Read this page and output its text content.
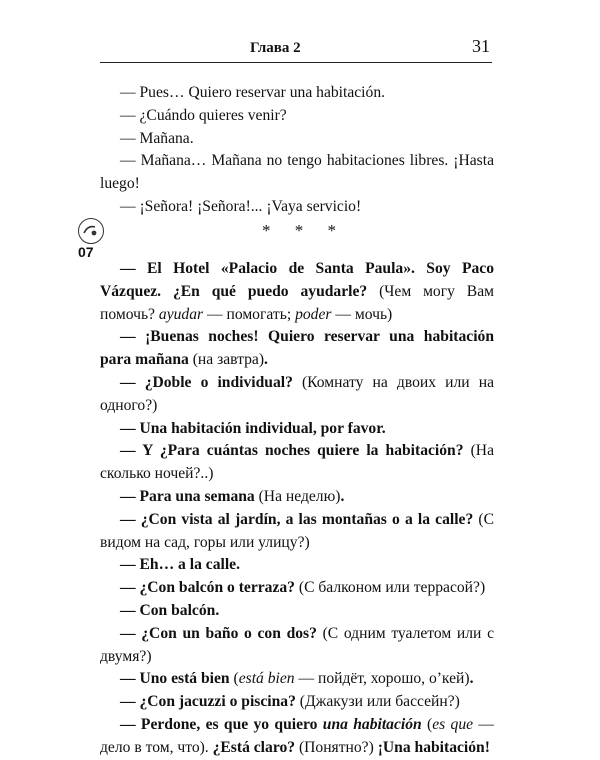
Глава 2	31
— Pues… Quiero reservar una habitación.
— ¿Cuándo quieres venir?
— Mañana.
— Mañana… Mañana no tengo habitaciones libres. ¡Hasta luego!
— ¡Señora! ¡Señora!... ¡Vaya servicio!
07
* * *
— El Hotel «Palacio de Santa Paula». Soy Paco Vázquez. ¿En qué puedo ayudarle? (Чем могу Вам помочь? ayudar — помогать; poder — мочь)
— ¡Buenas noches! Quiero reservar una habitación para mañana (на завтра).
— ¿Doble o individual? (Комнату на двоих или на одного?)
— Una habitación individual, por favor.
— Y ¿Para cuántas noches quiere la habitación? (На сколько ночей?..)
— Para una semana (На неделю).
— ¿Con vista al jardín, a las montañas o a la calle? (С видом на сад, горы или улицу?)
— Eh… a la calle.
— ¿Con balcón o terraza? (С балконом или террасой?)
— Con balcón.
— ¿Con un baño o con dos? (С одним туалетом или с двумя?)
— Uno está bien (está bien — пойдёт, хорошо, о’кей).
— ¿Con jacuzzi o piscina? (Джакузи или бассейн?)
— Perdone, es que yo quiero una habitación (es que — дело в том, что). ¿Está claro? (Понятно?) ¡Una habitación!
